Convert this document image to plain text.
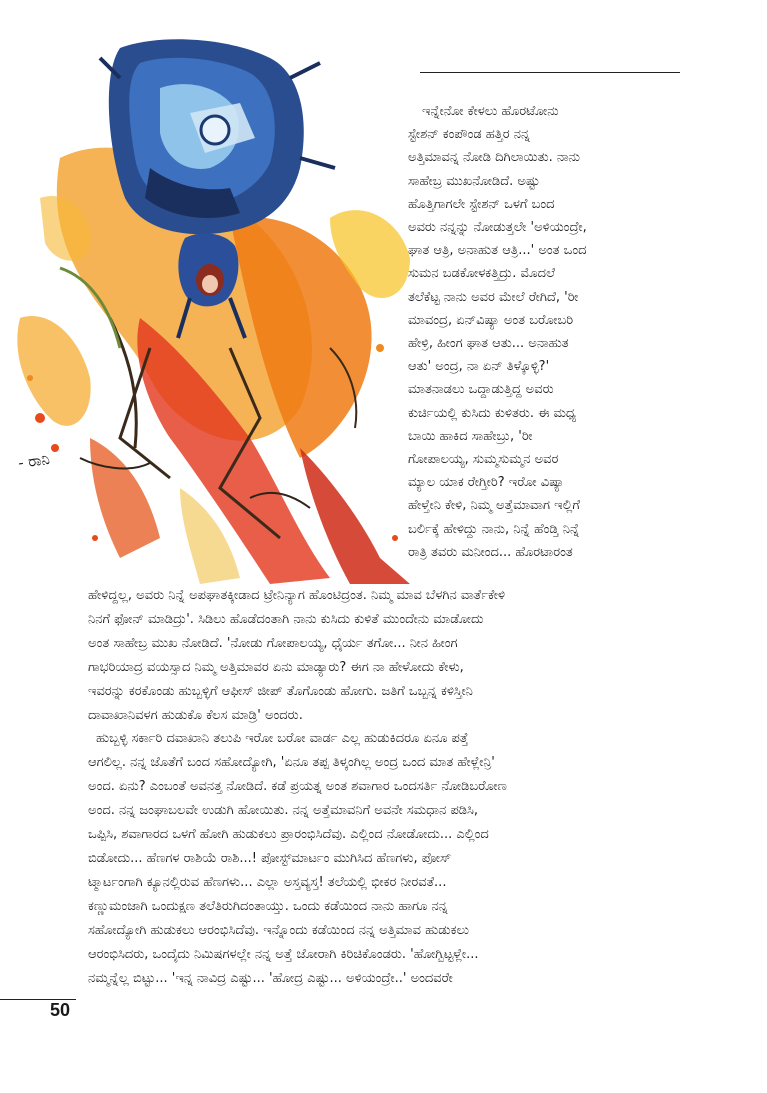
- ರಾನಿ
ಇನ್ನೇನೋ ಕೇಳಲು ಹೊರಟೋನು
ಸ್ಟೇಶನ್ ಕಂಪೌಂಡ ಹತ್ತಿರ ನನ್ನ
ಅತ್ತಿಮಾವನ್ನ ನೋಡಿ ದಿಗಿಲಾಯಿತು. ನಾನು
ಸಾಹೇಬ್ರ ಮುಖನೋಡಿದೆ. ಅಷ್ಟು
ಹೊತ್ತಿಗಾಗಲೇ ಸ್ಟೇಶನ್ ಒಳಗೆ ಬಂದ
ಅವರು ನನ್ನನ್ನು ನೋಡುತ್ತಲೇ 'ಅಳಿಯಂದ್ರೇ,
ಘಾತ ಆತ್ರಿ, ಅನಾಹುತ ಆತ್ರಿ...' ಅಂತ ಒಂದ
ಸುಮನ ಬಡಕೋಳಕತ್ತಿದ್ರು. ಮೊದಲೆ
ತಲೆಕೆಟ್ಟ ನಾನು ಅವರ ಮೇಲೆ ರೇಗಿದೆ, 'ರೀ
ಮಾವಂದ್ರ, ಏನ್‌ವಿಷ್ಯಾ ಅಂತ ಬರೋಬರಿ
ಹೇಳ್ರಿ, ಹೀಂಗ ಘಾತ ಆತು... ಅನಾಹುತ
ಆತು' ಅಂದ್ರ, ನಾ ಏನ್ ತಿಳ್ಕೊಳ್ಳಿ?'
ಮಾತನಾಡಲು ಒದ್ದಾಡುತ್ತಿದ್ದ ಅವರು
ಕುರ್ಚಿಯಲ್ಲಿ ಕುಸಿದು ಕುಳಿತರು. ಈ ಮಧ್ಯ
ಬಾಯಿ ಹಾಕಿದ ಸಾಹೇಬ್ರು, 'ರೀ
ಗೋಪಾಲಯ್ಯ, ಸುಮ್ಮಸುಮ್ಮನ ಅವರ
ಮ್ಯಾಲ ಯಾಕ ರೇಗ್ತೀರಿ? ಇರೋ ವಿಷ್ಯಾ
ಹೇಳ್ತೇನಿ ಕೇಳಿ, ನಿಮ್ಮ ಅತ್ತೆಮಾವಾಗ ಇಲ್ಲಿಗೆ
ಬರ್ಲಿಕ್ಕೆ ಹೇಳಿದ್ದು ನಾನು, ನಿನ್ನೆ ಹೆಂಡ್ತಿ ನಿನ್ನೆ
ರಾತ್ರಿ ತವರು ಮನೀಂದ... ಹೊರಟಾರಂತ
ಹೇಳಿದ್ದಲ್ಲ, ಅವರು ನಿನ್ನೆ ಅಪಘಾತಕ್ಕೀಡಾದ ಟ್ರೇನಿನ್ಯಾಗ ಹೊಂಟಿದ್ರಂತ. ನಿಮ್ಮ ಮಾವ ಬೆಳಗಿನ ವಾರ್ತೆಕೇಳಿ
ನಿನಗೆ ಫೋನ್ ಮಾಡಿದ್ರು'. ಸಿಡಿಲು ಹೊಡೆದಂತಾಗಿ ನಾನು ಕುಸಿದು ಕುಳಿತೆ ಮುಂದೇನು ಮಾಡೋದು
ಅಂತ ಸಾಹೇಬ್ರ ಮುಖ ನೋಡಿದೆ. 'ನೋಡು ಗೋಪಾಲಯ್ಯ, ಧೈರ್ಯ ತಗೋ... ನೀನ ಹೀಂಗ
ಗಾಭರಿಯಾದ್ರ ವಯಸ್ಸಾದ ನಿಮ್ಮ ಅತ್ತಿಮಾವರ ಏನು ಮಾಡ್ಯಾರು? ಈಗ ನಾ ಹೇಳೋದು ಕೇಳು,
ಇವರನ್ನು ಕರಕೊಂಡು ಹುಬ್ಬಳ್ಳಿಗೆ ಆಫೀಸ್ ಜೀಪ್ ತೊಗೊಂಡು ಹೋಗು. ಜತಿಗೆ ಒಬ್ಬನ್ನ ಕಳಿಸ್ತೀನಿ
ದಾವಾಖಾನಿವಳಗ ಹುಡುಕೊ ಕೆಲಸ ಮಾಡ್ರಿ' ಅಂದರು.
ಹುಬ್ಬಳ್ಳಿ ಸರ್ಕಾರಿ ದವಾಖಾನಿ ತಲುಪಿ ಇರೋ ಬರೋ ವಾರ್ಡ ಎಲ್ಲ ಹುಡುಕಿದರೂ ಏನೂ ಪತ್ತೆ
ಆಗಲಿಲ್ಲ. ನನ್ನ ಜೊತೆಗೆ ಬಂದ ಸಹೋದ್ಯೋಗಿ, 'ಏನೂ ತಪ್ಪ ತಿಳ್ಕಂಗಿಲ್ಲ ಅಂದ್ರ ಒಂದ ಮಾತ ಹೇಳ್ಲೇನ್ರಿ'
ಅಂದ. ಏನು? ಎಂಬಂತೆ ಅವನತ್ತ ನೋಡಿದೆ. ಕಡೆ ಪ್ರಯತ್ನ ಅಂತ ಶವಾಗಾರ ಒಂದಸರ್ತಿ ನೋಡಿಬರೋಣ
ಅಂದ. ನನ್ನ ಜಂಘಾಬಲವೇ ಉಡುಗಿ ಹೋಯಿತು. ನನ್ನ ಅತ್ತೆಮಾವನಿಗೆ ಅವನೇ ಸಮಧಾನ ಪಡಿಸಿ,
ಒಪ್ಪಿಸಿ, ಶವಾಗಾರದ ಒಳಗೆ ಹೋಗಿ ಹುಡುಕಲು ಪ್ರಾರಂಭಿಸಿದೆವು. ಎಲ್ಲಿಂದ ನೋಡೋದು... ಎಲ್ಲಿಂದ
ಬಿಡೋದು... ಹೆಣಗಳ ರಾಶಿಯೆ ರಾಶಿ...! ಪೋಸ್ಟ್‌ಮಾರ್ಟಂ ಮುಗಿಸಿದ ಹೆಣಗಳು, ಪೋಸ್
ಟ್ಮಾರ್ಟಂಗಾಗಿ ಕ್ಯೂನಲ್ಲಿರುವ ಹೆಣಗಳು... ಎಲ್ಲಾ ಅಸ್ತವ್ಯಸ್ತ! ತಲೆಯಲ್ಲಿ ಭೀಕರ ನೀರವತೆ...
ಕಣ್ಣುಮಂಜಾಗಿ ಒಂದುಕ್ಷಣ ತಲೆತಿರುಗಿದಂತಾಯ್ತು. ಒಂದು ಕಡೆಯಿಂದ ನಾನು ಹಾಗೂ ನನ್ನ
ಸಹೋದ್ಯೋಗಿ ಹುಡುಕಲು ಆರಂಭಿಸಿದೆವು. ಇನ್ನೊಂದು ಕಡೆಯಿಂದ ನನ್ನ ಅತ್ತಿಮಾವ ಹುಡುಕಲು
ಆರಂಭಿಸಿದರು, ಒಂದೈದು ನಿಮಿಷಗಳಲ್ಲೇ ನನ್ನ ಅತ್ತೆ ಜೋರಾಗಿ ಕಿರಿಚಿಕೊಂಡರು. 'ಹೋಗ್ಬಿಟ್ಟಳ್ಲೇ...
ನಮ್ಮನ್ನೆಲ್ಲ ಬಿಟ್ಟು... 'ಇನ್ನ ನಾವಿದ್ರ ಎಷ್ಟು... 'ಹೋದ್ರ ಎಷ್ಟು... ಅಳಿಯಂದ್ರೇ..' ಅಂದವರೇ
50
